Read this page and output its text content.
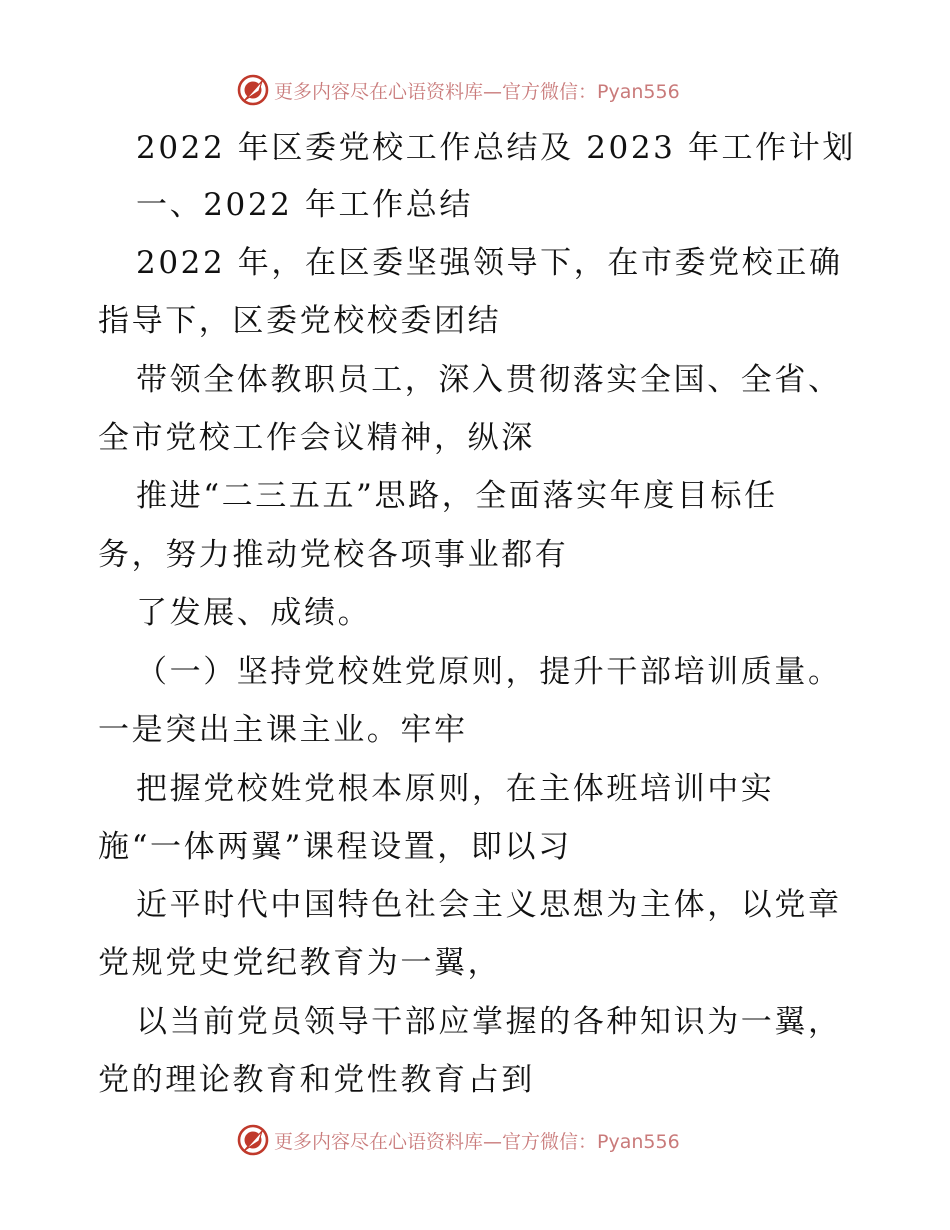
更多内容尽在心语资料库—官方微信：Pyan556
2022 年区委党校工作总结及 2023 年工作计划
一、2022 年工作总结
2022 年，在区委坚强领导下，在市委党校正确
指导下，区委党校校委团结
带领全体教职员工，深入贯彻落实全国、全省、
全市党校工作会议精神，纵深
推进“二三五五”思路，全面落实年度目标任
务，努力推动党校各项事业都有
了发展、成绩。
（一）坚持党校姓党原则，提升干部培训质量。
一是突出主课主业。牢牢
把握党校姓党根本原则，在主体班培训中实
施“一体两翼”课程设置，即以习
近平时代中国特色社会主义思想为主体，以党章
党规党史党纪教育为一翼，
以当前党员领导干部应掌握的各种知识为一翼，
党的理论教育和党性教育占到
更多内容尽在心语资料库—官方微信：Pyan556
